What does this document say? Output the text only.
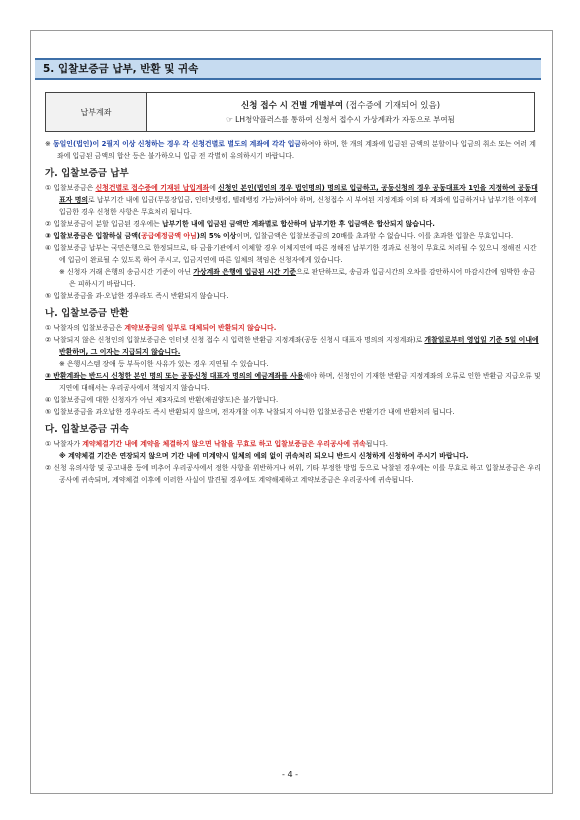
5. 입찰보증금 납부, 반환 및 귀속
납부계좌
신청 접수 시 건별 개별부여 (접수증에 기재되어 있음)
☞ LH청약플러스를 통하여 신청서 접수시 가상계좌가 자동으로 부여됨

※ 동일인(법인)이 2필지 이상 신청하는 경우 각 신청건별로 별도의 계좌에 각각 입금하여야 하며, 한 개의 계좌에 입금된 금액의 분할이나 입금의 취소 또는 여러 계좌에 입금된 금액의 합산 등은 불가하오니 입금 전 각별히 유의하시기 바랍니다.

가. 입찰보증금 납부

① 입찰보증금은 신청건별로 접수증에 기재된 납입계좌에 신청인 본인(법인의 경우 법인명의) 명의로 입금하고, 공동신청의 경우 공동대표자 1인을 지정하여 공동대표자 명의로 납부기간 내에 입금(무통장입금, 인터넷뱅킹, 텔레뱅킹 가능)하여야 하며, 신청접수 시 부여된 지정계좌 이외 타 계좌에 입금하거나 납부기한 이후에 입금한 경우 신청한 사항은 무효처리 됩니다.

② 입찰보증금이 분할 입금된 경우에는 납부기한 내에 입금된 금액만 계좌별로 합산하며 납부기한 후 입금액은 합산되지 않습니다.

③ 입찰보증금은 입찰하실 금액(공급예정금액 아님)의 5% 이상이며, 입찰금액은 입찰보증금의 20배를 초과할 수 없습니다. 이를 초과한 입찰은 무효입니다.

④ 입찰보증금 납부는 국민은행으로 한정되므로, 타 금융기관에서 이체할 경우 이체지연에 따른 정해진 납부기한 경과로 신청이 무효로 처리될 수 있으니 정해진 시간에 입금이 완료될 수 있도록 하여 주시고, 입금지연에 따른 일체의 책임은 신청자에게 있습니다.

※ 신청자 거래 은행의 송금시간 기준이 아닌 가상계좌 은행에 입금된 시간 기준으로 판단하므로, 송금과 입금시간의 오차를 감안하시어 마감시간에 임박한 송금은 피하시기 바랍니다.

⑤ 입찰보증금을 과·오납한 경우라도 즉시 반환되지 않습니다.

나. 입찰보증금 반환

① 낙찰자의 입찰보증금은 계약보증금의 일부로 대체되어 반환되지 않습니다.

② 낙찰되지 않은 신청인의 입찰보증금은 인터넷 신청 접수 시 입력한 반환금 지정계좌(공동 신청시 대표자 명의의 지정계좌)로 개찰일로부터 영업일 기준 5일 이내에 반환하며, 그 이자는 지급되지 않습니다.

※ 은행시스템 장애 등 부득이한 사유가 있는 경우 지연될 수 있습니다.

③ 반환계좌는 반드시 신청한 본인 명의 또는 공동신청 대표자 명의의 예금계좌를 사용해야 하며, 신청인이 기재한 반환금 지정계좌의 오류로 인한 반환금 지급오류 및 지연에 대해서는 우리공사에서 책임지지 않습니다.

④ 입찰보증금에 대한 신청자가 아닌 제3자로의 반환(채권양도)은 불가합니다.

⑤ 입찰보증금을 과오납한 경우라도 즉시 반환되지 않으며, 전자개찰 이후 낙찰되지 아니한 입찰보증금은 반환기간 내에 반환처리 됩니다.

다. 입찰보증금 귀속

① 낙찰자가 계약체결기간 내에 계약을 체결하지 않으면 낙찰을 무효로 하고 입찰보증금은 우리공사에 귀속됩니다.

※ 계약체결 기간은 연장되지 않으며 기간 내에 미계약시 일체의 예외 없이 귀속처리 되오니 반드시 신청하게 신청하여 주시기 바랍니다.

② 신청 유의사항 및 공고내용 등에 비추어 우리공사에서 정한 사항을 위반하거나 허위, 기타 부정한 방법 등으로 낙찰된 경우에는 이를 무효로 하고 입찰보증금은 우리공사에 귀속되며, 계약체결 이후에 이러한 사실이 발견될 경우에도 계약해제하고 계약보증금은 우리공사에 귀속됩니다.

- 4 -
